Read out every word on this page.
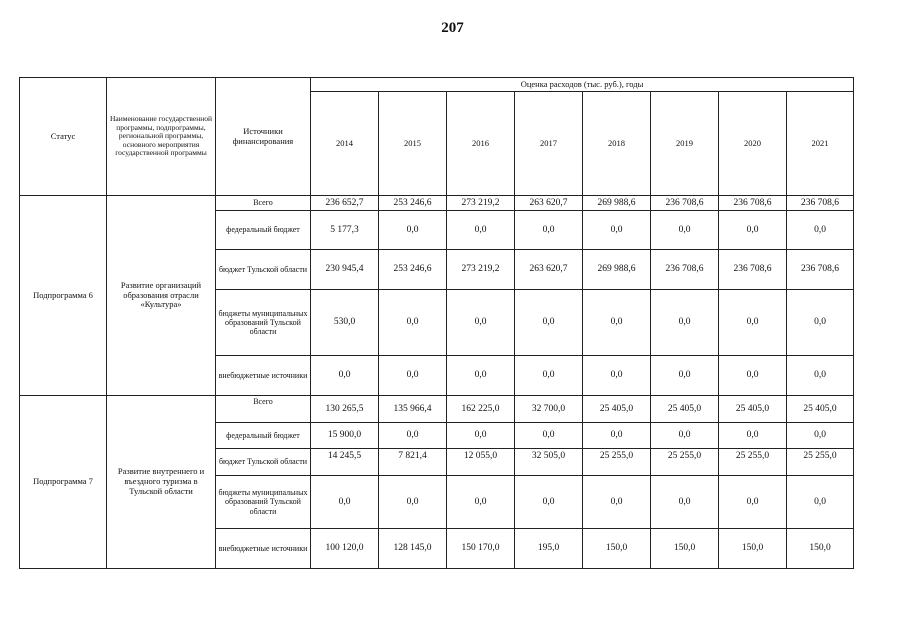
207
Статус	Наименование государственной программы, подпрограммы, региональной программы, основного мероприятия государственной программы	Источники финансирования	Оценка расходов (тыс. руб.), годы							
			2014	2015	2016	2017	2018	2019	2020	2021
Подпрограмма 6	Развитие организаций образования отрасли «Культура»	Всего	236 652,7	253 246,6	273 219,2	263 620,7	269 988,6	236 708,6	236 708,6	236 708,6
		федеральный бюджет	5 177,3	0,0	0,0	0,0	0,0	0,0	0,0	0,0
		бюджет Тульской области	230 945,4	253 246,6	273 219,2	263 620,7	269 988,6	236 708,6	236 708,6	236 708,6
		бюджеты муниципальных образований Тульской области	530,0	0,0	0,0	0,0	0,0	0,0	0,0	0,0
		внебюджетные источники	0,0	0,0	0,0	0,0	0,0	0,0	0,0	0,0
Подпрограмма 7	Развитие внутреннего и въездного туризма в Тульской области	Всего	130 265,5	135 966,4	162 225,0	32 700,0	25 405,0	25 405,0	25 405,0	25 405,0
		федеральный бюджет	15 900,0	0,0	0,0	0,0	0,0	0,0	0,0	0,0
		бюджет Тульской области	14 245,5	7 821,4	12 055,0	32 505,0	25 255,0	25 255,0	25 255,0	25 255,0
		бюджеты муниципальных образований Тульской области	0,0	0,0	0,0	0,0	0,0	0,0	0,0	0,0
		внебюджетные источники	100 120,0	128 145,0	150 170,0	195,0	150,0	150,0	150,0	150,0
